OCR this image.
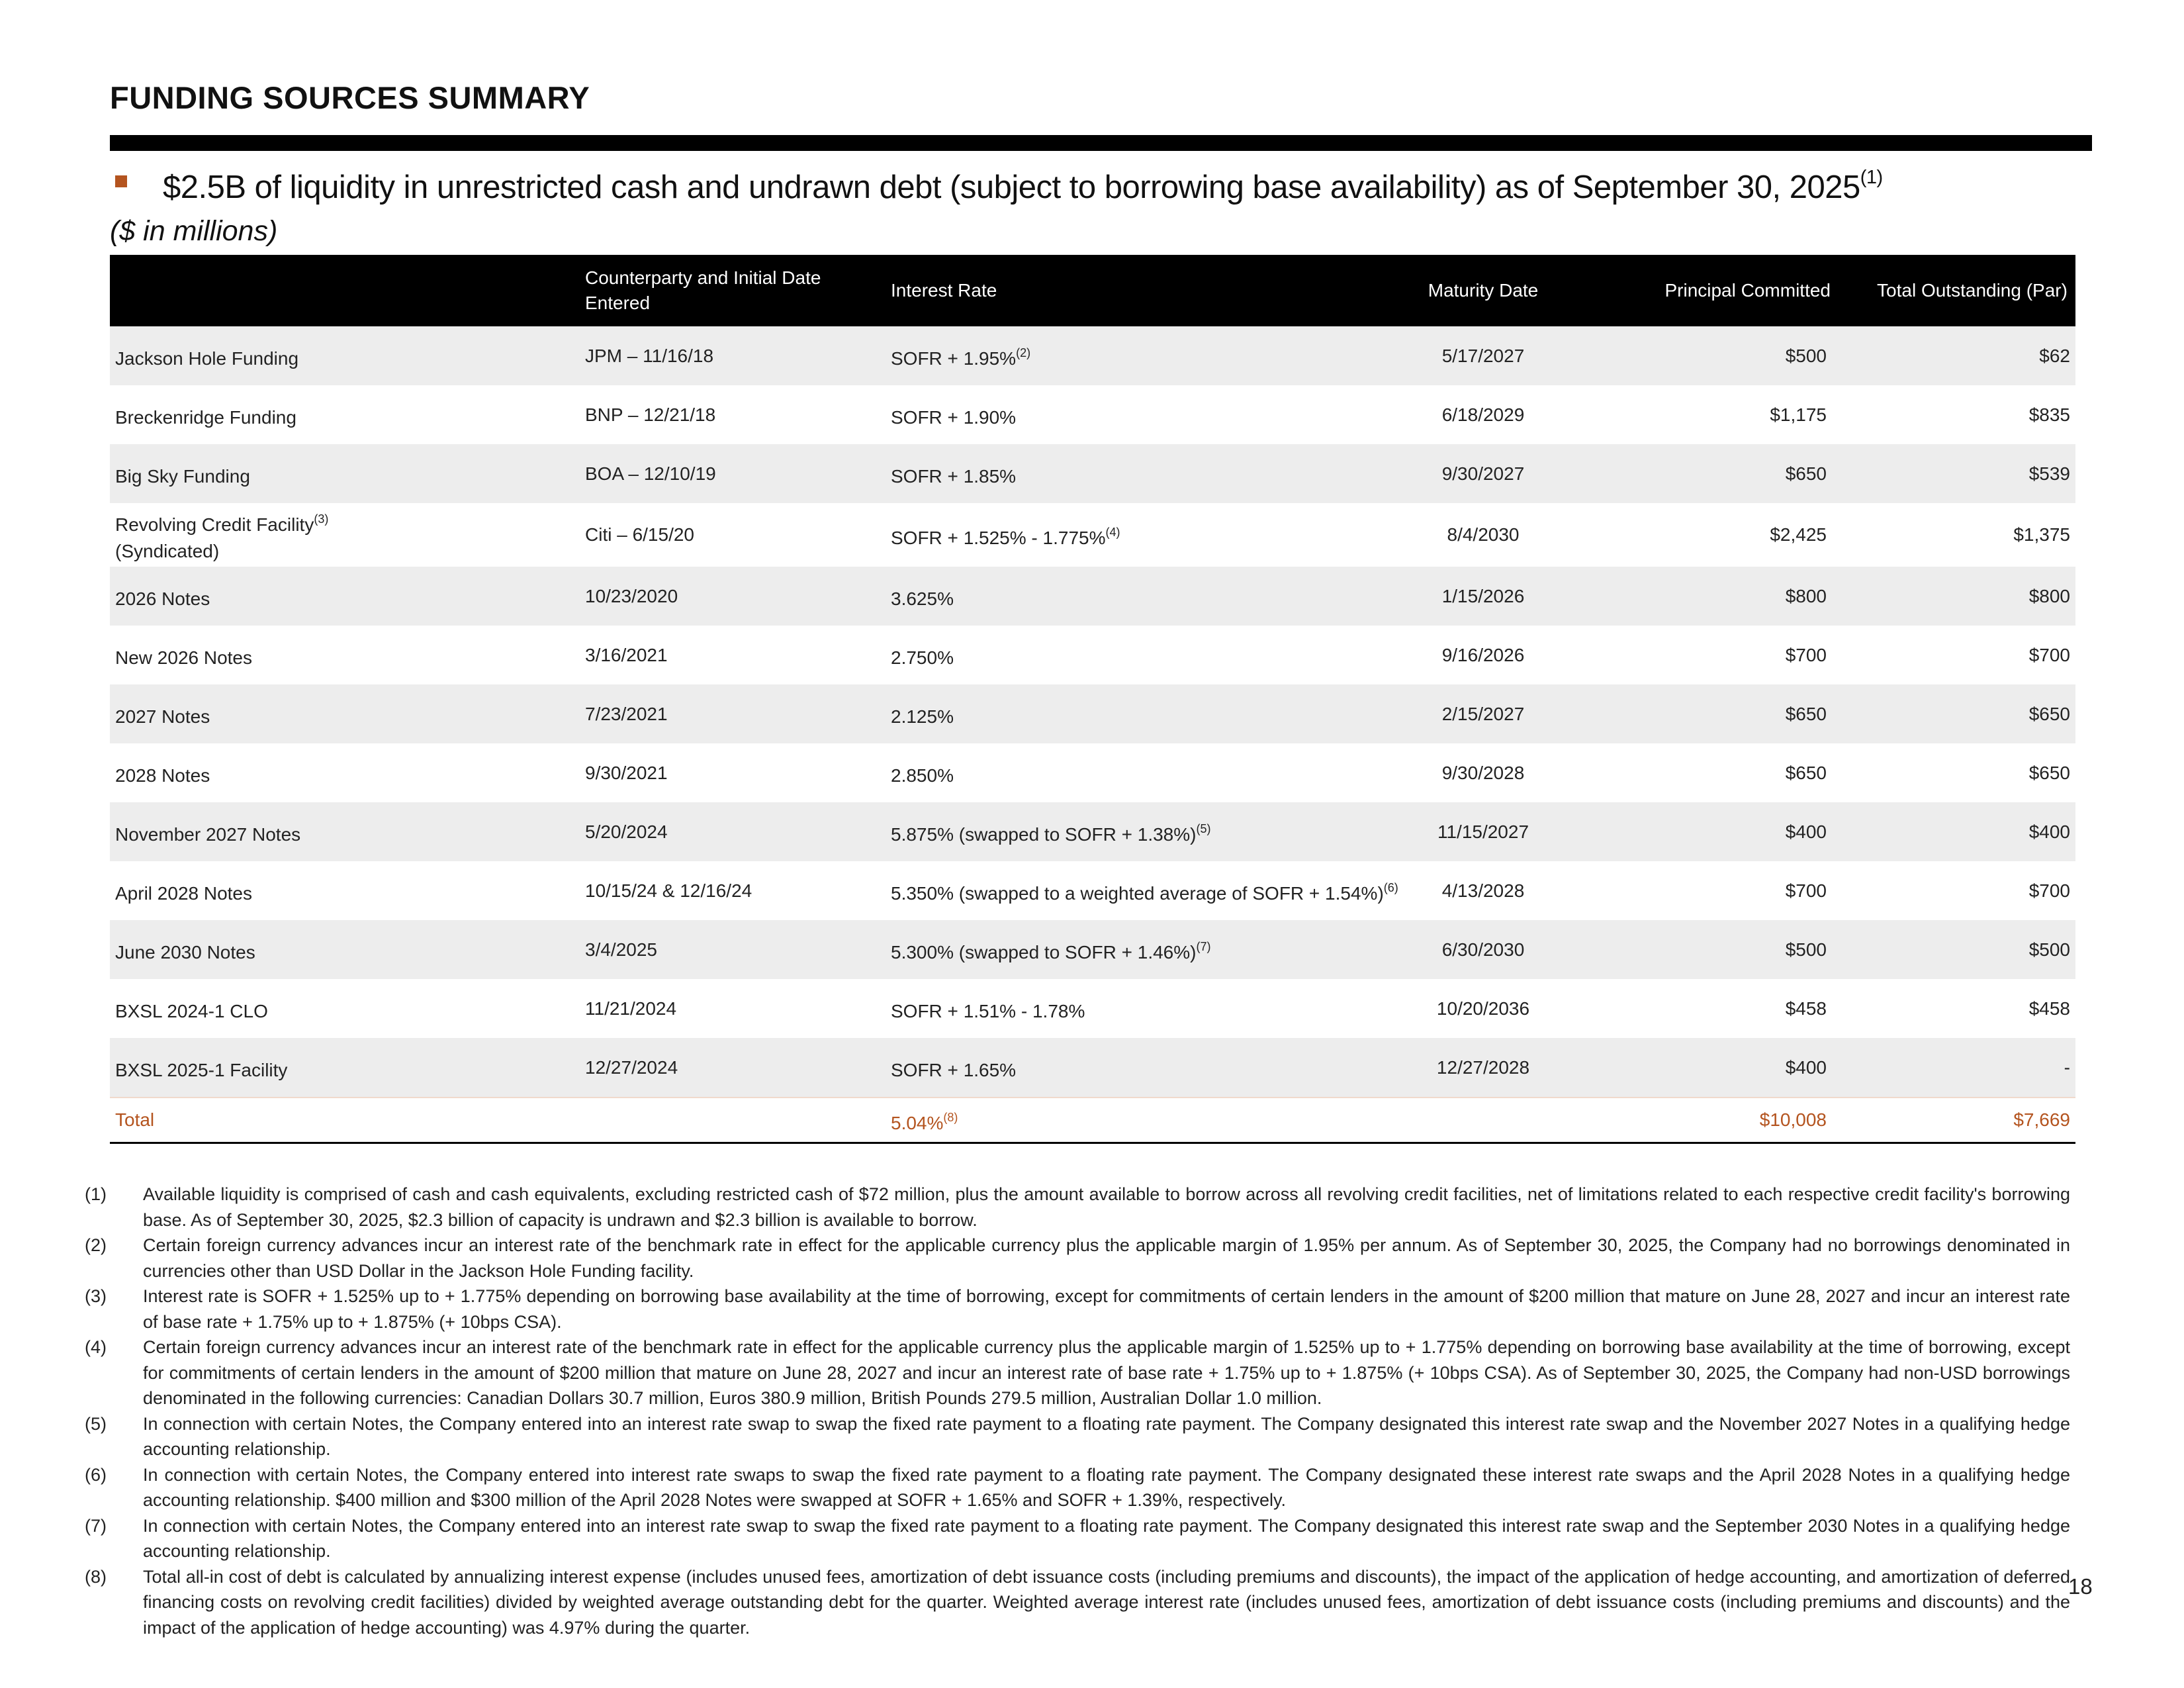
FUNDING SOURCES SUMMARY
$2.5B of liquidity in unrestricted cash and undrawn debt (subject to borrowing base availability) as of September 30, 2025$^{(1)}$
($ in millions)
	Counterparty and Initial Date Entered	Interest Rate	Maturity Date	Principal Committed	Total Outstanding (Par)
Jackson Hole Funding	JPM – 11/16/18	SOFR + 1.95%$^{(2)}$	5/17/2027	$500	$62
Breckenridge Funding	BNP – 12/21/18	SOFR + 1.90%	6/18/2029	$1,175	$835
Big Sky Funding	BOA – 12/10/19	SOFR + 1.85%	9/30/2027	$650	$539
Revolving Credit Facility$^{(3)}$
(Syndicated)	Citi – 6/15/20	SOFR + 1.525% - 1.775%$^{(4)}$	8/4/2030	$2,425	$1,375
2026 Notes	10/23/2020	3.625%	1/15/2026	$800	$800
New 2026 Notes	3/16/2021	2.750%	9/16/2026	$700	$700
2027 Notes	7/23/2021	2.125%	2/15/2027	$650	$650
2028 Notes	9/30/2021	2.850%	9/30/2028	$650	$650
November 2027 Notes	5/20/2024	5.875% (swapped to SOFR + 1.38%)$^{(5)}$	11/15/2027	$400	$400
April 2028 Notes	10/15/24 & 12/16/24	5.350% (swapped to a weighted average of SOFR + 1.54%)$^{(6)}$	4/13/2028	$700	$700
June 2030 Notes	3/4/2025	5.300% (swapped to SOFR + 1.46%)$^{(7)}$	6/30/2030	$500	$500
BXSL 2024-1 CLO	11/21/2024	SOFR + 1.51% - 1.78%	10/20/2036	$458	$458
BXSL 2025-1 Facility	12/27/2024	SOFR + 1.65%	12/27/2028	$400	-
Total		5.04%$^{(8)}$		$10,008	$7,669
(1)	Available liquidity is comprised of cash and cash equivalents, excluding restricted cash of $72 million, plus the amount available to borrow across all revolving credit facilities, net of limitations related to each respective credit facility's borrowing base. As of September 30, 2025, $2.3 billion of capacity is undrawn and $2.3 billion is available to borrow.
(2)	Certain foreign currency advances incur an interest rate of the benchmark rate in effect for the applicable currency plus the applicable margin of 1.95% per annum. As of September 30, 2025, the Company had no borrowings denominated in currencies other than USD Dollar in the Jackson Hole Funding facility.
(3)	Interest rate is SOFR + 1.525% up to + 1.775% depending on borrowing base availability at the time of borrowing, except for commitments of certain lenders in the amount of $200 million that mature on June 28, 2027 and incur an interest rate of base rate + 1.75% up to + 1.875% (+ 10bps CSA).
(4)	Certain foreign currency advances incur an interest rate of the benchmark rate in effect for the applicable currency plus the applicable margin of 1.525% up to + 1.775% depending on borrowing base availability at the time of borrowing, except for commitments of certain lenders in the amount of $200 million that mature on June 28, 2027 and incur an interest rate of base rate + 1.75% up to + 1.875% (+ 10bps CSA). As of September 30, 2025, the Company had non-USD borrowings denominated in the following currencies: Canadian Dollars 30.7 million, Euros 380.9 million, British Pounds 279.5 million, Australian Dollar 1.0 million.
(5)	In connection with certain Notes, the Company entered into an interest rate swap to swap the fixed rate payment to a floating rate payment. The Company designated this interest rate swap and the November 2027 Notes in a qualifying hedge accounting relationship.
(6)	In connection with certain Notes, the Company entered into interest rate swaps to swap the fixed rate payment to a floating rate payment. The Company designated these interest rate swaps and the April 2028 Notes in a qualifying hedge accounting relationship. $400 million and $300 million of the April 2028 Notes were swapped at SOFR + 1.65% and SOFR + 1.39%, respectively.
(7)	In connection with certain Notes, the Company entered into an interest rate swap to swap the fixed rate payment to a floating rate payment. The Company designated this interest rate swap and the September 2030 Notes in a qualifying hedge accounting relationship.
(8)	Total all-in cost of debt is calculated by annualizing interest expense (includes unused fees, amortization of debt issuance costs (including premiums and discounts), the impact of the application of hedge accounting, and amortization of deferred financing costs on revolving credit facilities) divided by weighted average outstanding debt for the quarter. Weighted average interest rate (includes unused fees, amortization of debt issuance costs (including premiums and discounts) and the impact of the application of hedge accounting) was 4.97% during the quarter.
18
